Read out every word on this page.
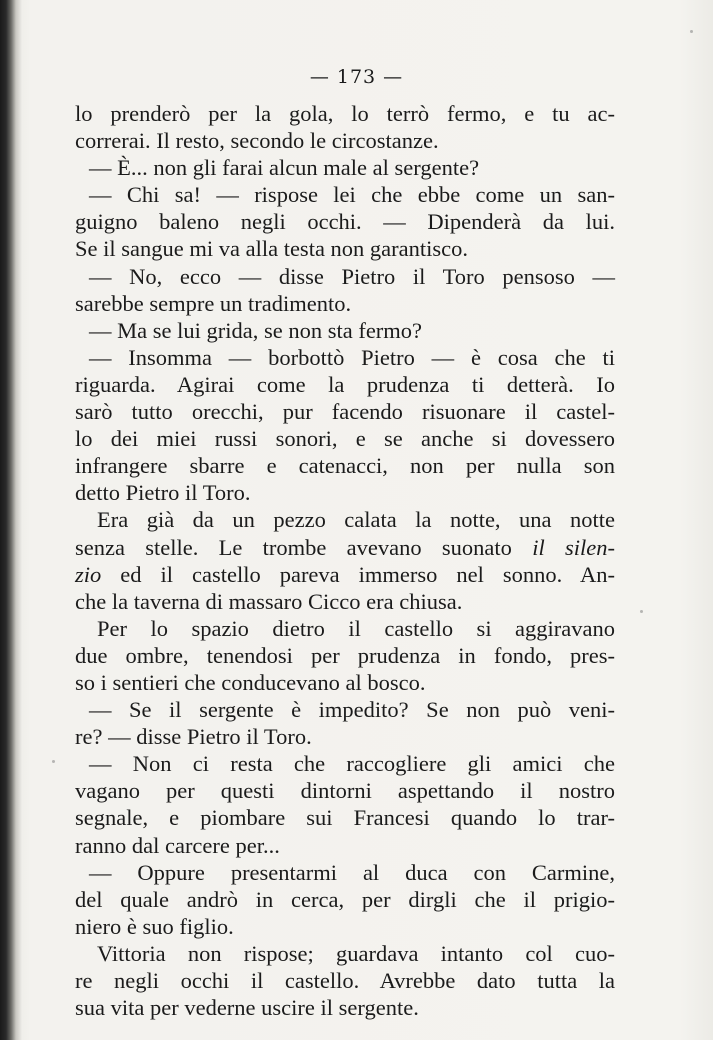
— 173 —
lo prenderò per la gola, lo terrò fermo, e tu ac-
correrai. Il resto, secondo le circostanze.
— È... non gli farai alcun male al sergente?
— Chi sa! — rispose lei che ebbe come un san-
guigno baleno negli occhi. — Dipenderà da lui.
Se il sangue mi va alla testa non garantisco.
— No, ecco — disse Pietro il Toro pensoso —
sarebbe sempre un tradimento.
— Ma se lui grida, se non sta fermo?
— Insomma — borbottò Pietro — è cosa che ti
riguarda. Agirai come la prudenza ti detterà. Io
sarò tutto orecchi, pur facendo risuonare il castel-
lo dei miei russi sonori, e se anche si dovessero
infrangere sbarre e catenacci, non per nulla son
detto Pietro il Toro.
Era già da un pezzo calata la notte, una notte
senza stelle. Le trombe avevano suonato il silen-
zio ed il castello pareva immerso nel sonno. An-
che la taverna di massaro Cicco era chiusa.
Per lo spazio dietro il castello si aggiravano
due ombre, tenendosi per prudenza in fondo, pres-
so i sentieri che conducevano al bosco.
— Se il sergente è impedito? Se non può veni-
re? — disse Pietro il Toro.
— Non ci resta che raccogliere gli amici che
vagano per questi dintorni aspettando il nostro
segnale, e piombare sui Francesi quando lo trar-
ranno dal carcere per...
— Oppure presentarmi al duca con Carmine,
del quale andrò in cerca, per dirgli che il prigio-
niero è suo figlio.
Vittoria non rispose; guardava intanto col cuo-
re negli occhi il castello. Avrebbe dato tutta la
sua vita per vederne uscire il sergente.
